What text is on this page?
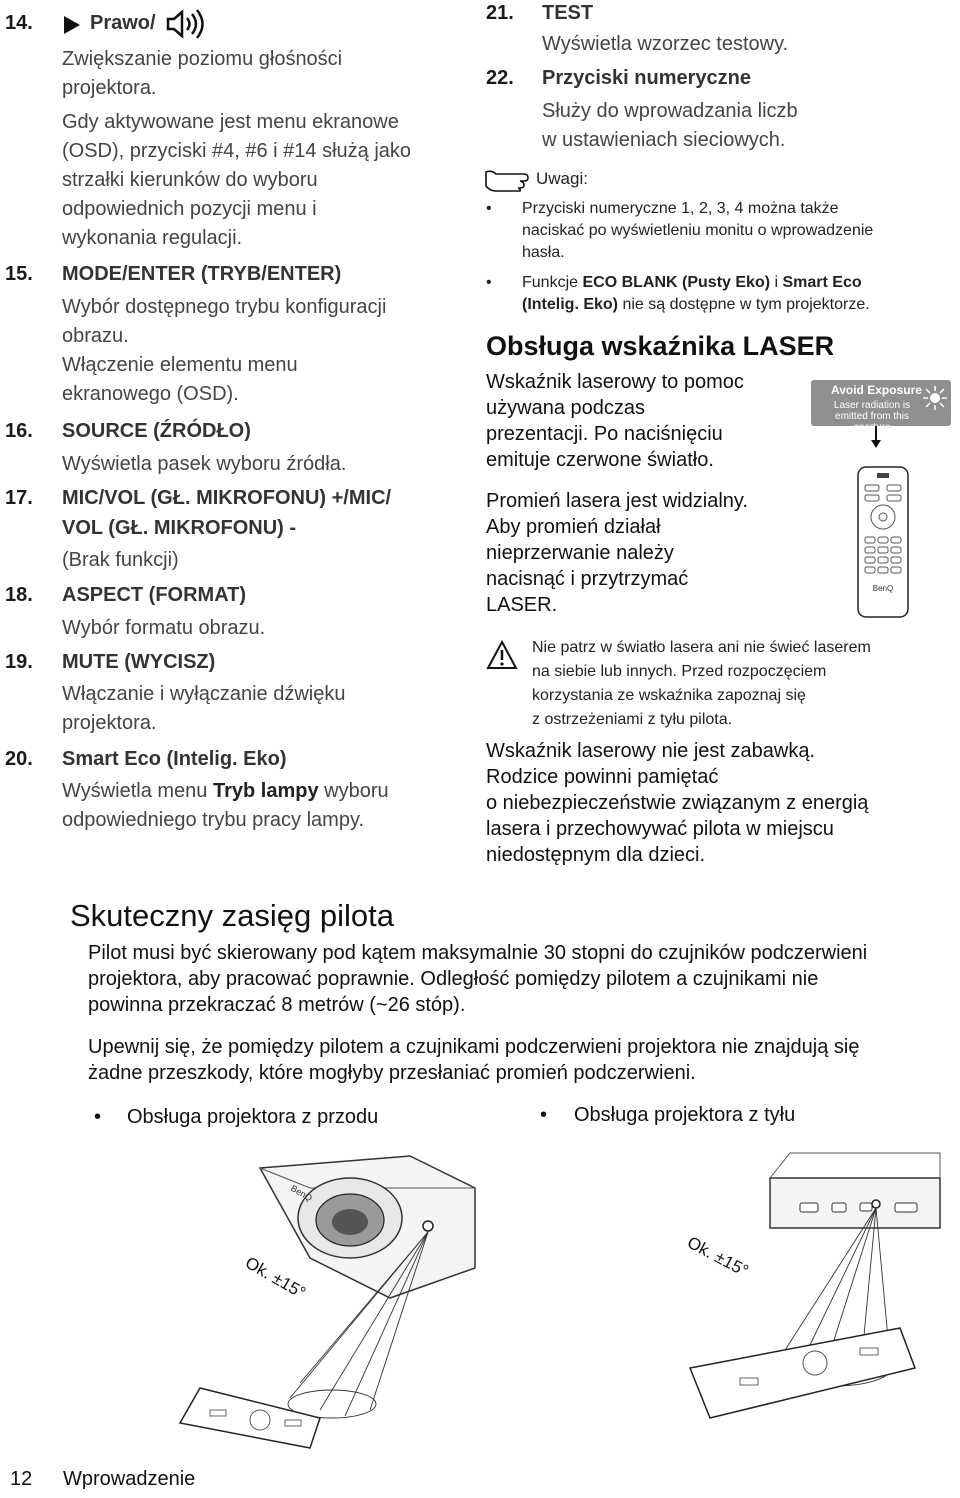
14.	Prawo/
Zwiększanie poziomu głośności
projektora.
Gdy aktywowane jest menu ekranowe
(OSD), przyciski #4, #6 i #14 służą jako
strzałki kierunków do wyboru
odpowiednich pozycji menu i
wykonania regulacji.
15. MODE/ENTER (TRYB/ENTER)
Wybór dostępnego trybu konfiguracji
obrazu.
Włączenie elementu menu
ekranowego (OSD).
16. SOURCE (ŹRÓDŁO)
Wyświetla pasek wyboru źródła.
17. MIC/VOL (GŁ. MIKROFONU) +/MIC/
VOL (GŁ. MIKROFONU) -
(Brak funkcji)
18. ASPECT (FORMAT)
Wybór formatu obrazu.
19. MUTE (WYCISZ)
Włączanie i wyłączanie dźwięku
projektora.
20. Smart Eco (Intelig. Eko)
Wyświetla menu Tryb lampy wyboru
odpowiedniego trybu pracy lampy.
21. TEST
Wyświetla wzorzec testowy.
22. Przyciski numeryczne
Służy do wprowadzania liczb
w ustawieniach sieciowych.
Uwagi:
• Przyciski numeryczne 1, 2, 3, 4 można także
naciskać po wyświetleniu monitu o wprowadzenie
hasła.
• Funkcje ECO BLANK (Pusty Eko) i Smart Eco
(Intelig. Eko) nie są dostępne w tym projektorze.
Obsługa wskaźnika LASER
Wskaźnik laserowy to pomoc
używana podczas
prezentacji. Po naciśnięciu
emituje czerwone światło.
Promień lasera jest widzialny.
Aby promień działał
nieprzerwanie należy
nacisnąć i przytrzymać
LASER.
Avoid Exposure
Laser radiation is
emitted from this aperture
BenQ
Nie patrz w światło lasera ani nie świeć laserem
na siebie lub innych. Przed rozpoczęciem
korzystania ze wskaźnika zapoznaj się
z ostrzeżeniami z tyłu pilota.
Wskaźnik laserowy nie jest zabawką.
Rodzice powinni pamiętać
o niebezpieczeństwie związanym z energią
lasera i przechowywać pilota w miejscu
niedostępnym dla dzieci.
Skuteczny zasięg pilota
Pilot musi być skierowany pod kątem maksymalnie 30 stopni do czujników podczerwieni
projektora, aby pracować poprawnie. Odległość pomiędzy pilotem a czujnikami nie
powinna przekraczać 8 metrów (~26 stóp).
Upewnij się, że pomiędzy pilotem a czujnikami podczerwieni projektora nie znajdują się
żadne przeszkody, które mogłyby przesłaniać promień podczerwieni.
• Obsługa projektora z przodu	• Obsługa projektora z tyłu
BenQ
Ok. ±15°	Ok. ±15°
12 Wprowadzenie
